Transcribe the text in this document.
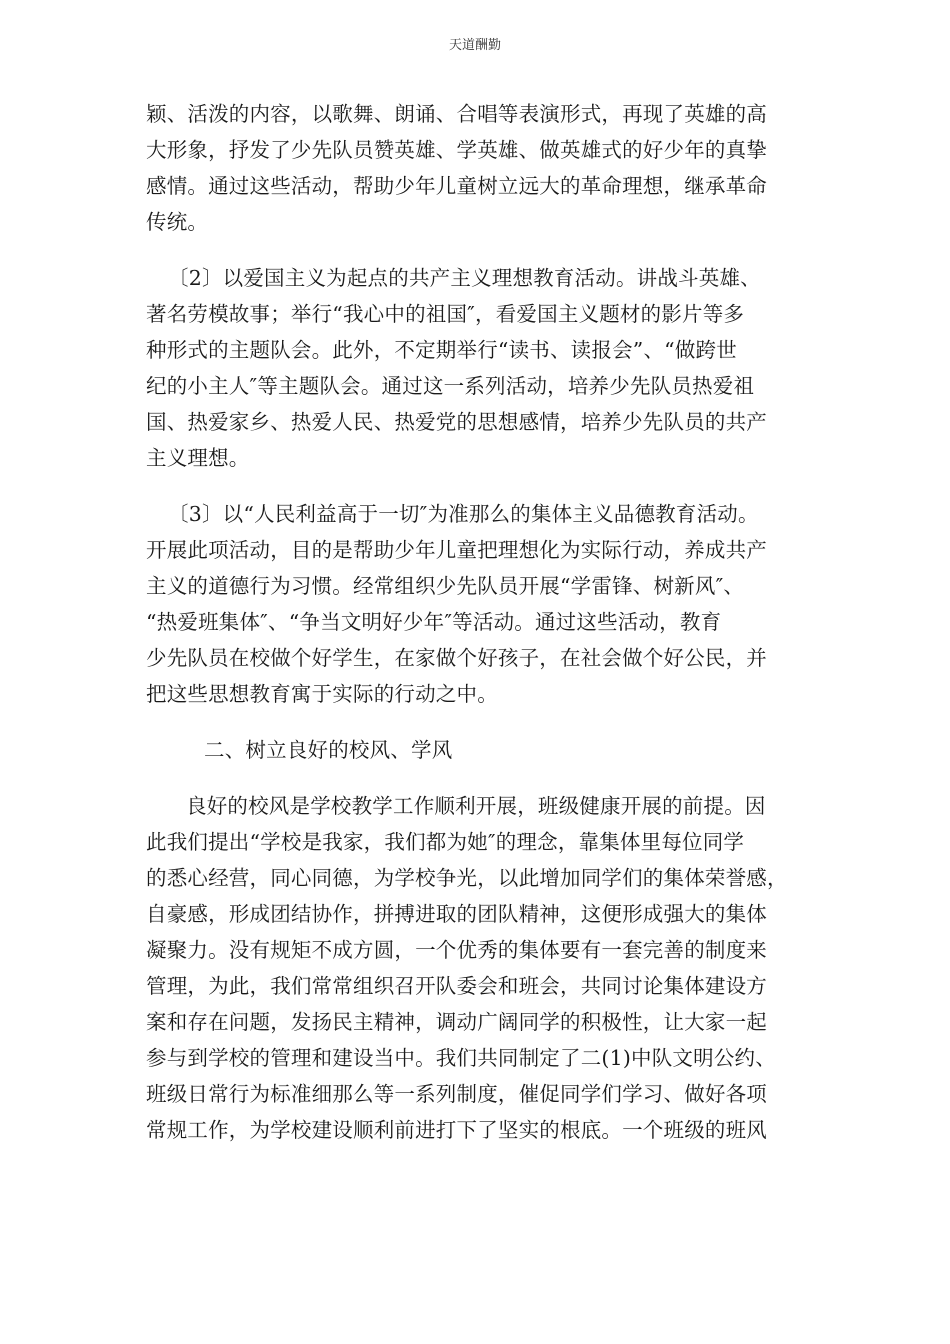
天道酬勤
颖、活泼的内容，以歌舞、朗诵、合唱等表演形式，再现了英雄的高
大形象，抒发了少先队员赞英雄、学英雄、做英雄式的好少年的真挚
感情。通过这些活动，帮助少年儿童树立远大的革命理想，继承革命
传统。
〔2〕以爱国主义为起点的共产主义理想教育活动。讲战斗英雄、
著名劳模故事；举行“我心中的祖国″，看爱国主义题材的影片等多
种形式的主题队会。此外，不定期举行“读书、读报会”、“做跨世
纪的小主人″等主题队会。通过这一系列活动，培养少先队员热爱祖
国、热爱家乡、热爱人民、热爱党的思想感情，培养少先队员的共产
主义理想。
〔3〕以“人民利益高于一切″为准那么的集体主义品德教育活动。
开展此项活动，目的是帮助少年儿童把理想化为实际行动，养成共产
主义的道德行为习惯。经常组织少先队员开展“学雷锋、树新风″、
“热爱班集体″、“争当文明好少年″等活动。通过这些活动，教育
少先队员在校做个好学生，在家做个好孩子，在社会做个好公民，并
把这些思想教育寓于实际的行动之中。
二、树立良好的校风、学风
良好的校风是学校教学工作顺利开展，班级健康开展的前提。因
此我们提出“学校是我家，我们都为她″的理念，靠集体里每位同学
的悉心经营，同心同德，为学校争光，以此增加同学们的集体荣誉感，
自豪感，形成团结协作，拼搏进取的团队精神，这便形成强大的集体
凝聚力。没有规矩不成方圆，一个优秀的集体要有一套完善的制度来
管理，为此，我们常常组织召开队委会和班会，共同讨论集体建设方
案和存在问题，发扬民主精神，调动广阔同学的积极性，让大家一起
参与到学校的管理和建设当中。我们共同制定了二(1)中队文明公约、
班级日常行为标准细那么等一系列制度，催促同学们学习、做好各项
常规工作，为学校建设顺利前进打下了坚实的根底。一个班级的班风
